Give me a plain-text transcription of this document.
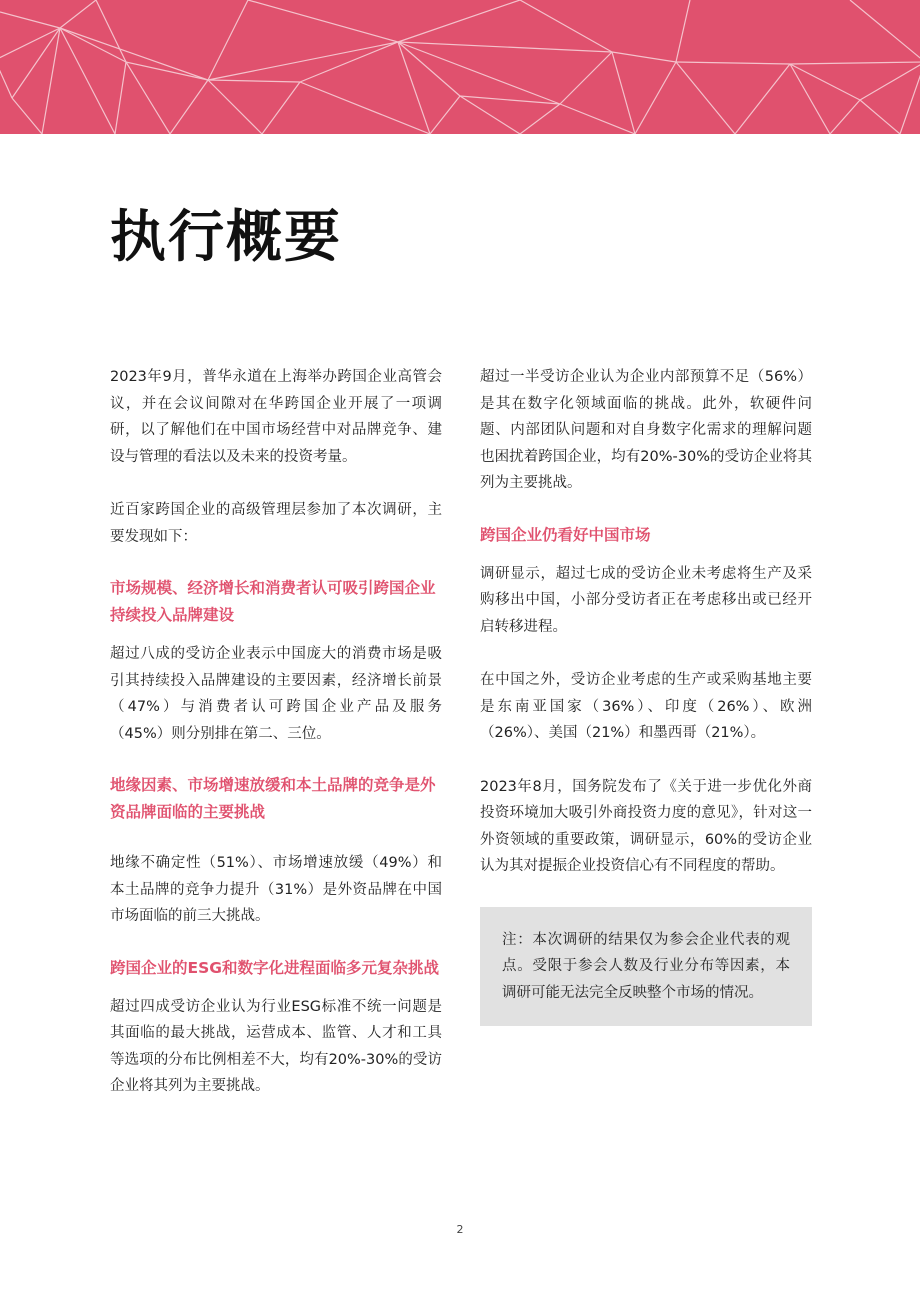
执行概要

2023年9月，普华永道在上海举办跨国企业高管会议，并在会议间隙对在华跨国企业开展了一项调研，以了解他们在中国市场经营中对品牌竞争、建设与管理的看法以及未来的投资考量。

近百家跨国企业的高级管理层参加了本次调研，主要发现如下：

市场规模、经济增长和消费者认可吸引跨国企业持续投入品牌建设

超过八成的受访企业表示中国庞大的消费市场是吸引其持续投入品牌建设的主要因素，经济增长前景（47%）与消费者认可跨国企业产品及服务（45%）则分别排在第二、三位。

地缘因素、市场增速放缓和本土品牌的竞争是外资品牌面临的主要挑战

地缘不确定性（51%）、市场增速放缓（49%）和本土品牌的竞争力提升（31%）是外资品牌在中国市场面临的前三大挑战。

跨国企业的ESG和数字化进程面临多元复杂挑战

超过四成受访企业认为行业ESG标准不统一问题是其面临的最大挑战，运营成本、监管、人才和工具等选项的分布比例相差不大，均有20%-30%的受访企业将其列为主要挑战。

超过一半受访企业认为企业内部预算不足（56%）是其在数字化领域面临的挑战。此外，软硬件问题、内部团队问题和对自身数字化需求的理解问题也困扰着跨国企业，均有20%-30%的受访企业将其列为主要挑战。

跨国企业仍看好中国市场

调研显示，超过七成的受访企业未考虑将生产及采购移出中国，小部分受访者正在考虑移出或已经开启转移进程。

在中国之外，受访企业考虑的生产或采购基地主要是东南亚国家（36%）、印度（26%）、欧洲（26%）、美国（21%）和墨西哥（21%）。

2023年8月，国务院发布了《关于进一步优化外商投资环境加大吸引外商投资力度的意见》，针对这一外资领域的重要政策，调研显示，60%的受访企业认为其对提振企业投资信心有不同程度的帮助。

注：本次调研的结果仅为参会企业代表的观点。受限于参会人数及行业分布等因素，本调研可能无法完全反映整个市场的情况。

2
